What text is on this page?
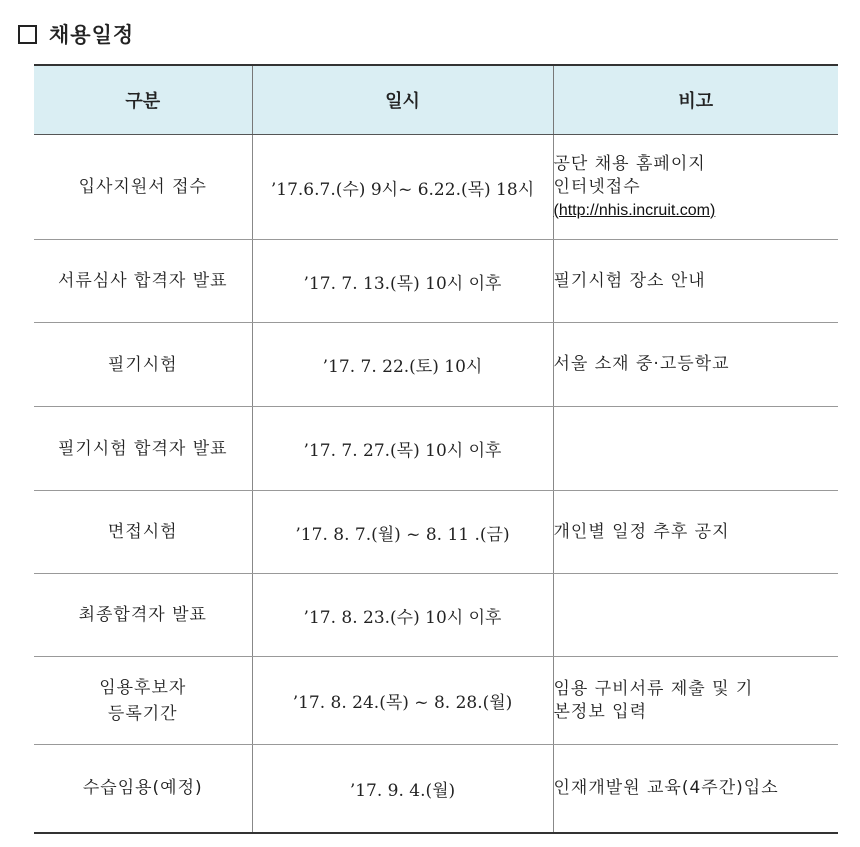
채용일정
구분	일시	비고

입사지원서 접수	’17.6.7.(수) 9시~ 6.22.(목) 18시	공단 채용 홈페이지
인터넷접수
(http://nhis.incruit.com)

서류심사 합격자 발표	’17. 7. 13.(목) 10시 이후	필기시험 장소 안내

필기시험	’17. 7. 22.(토) 10시	서울 소재 중·고등학교

필기시험 합격자 발표	’17. 7. 27.(목) 10시 이후	

면접시험	’17. 8. 7.(월) ~ 8. 11 .(금)	개인별 일정 추후 공지

최종합격자 발표	’17. 8. 23.(수) 10시 이후	

임용후보자
등록기간	’17. 8. 24.(목) ~ 8. 28.(월)	임용 구비서류 제출 및 기
본정보 입력

수습임용(예정)	’17. 9. 4.(월)	인재개발원 교육(4주간)입소
